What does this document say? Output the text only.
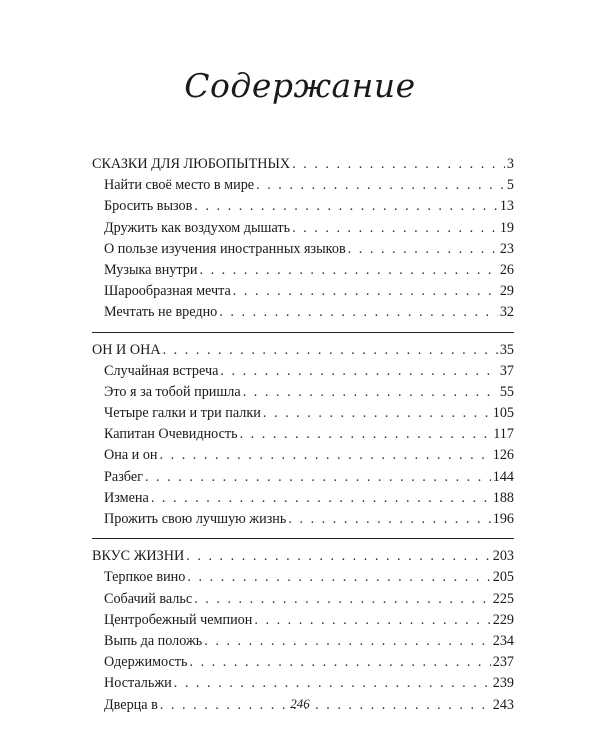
Содержание
СКАЗКИ ДЛЯ ЛЮБОПЫТНЫХ . . .	3
Найти своё место в мире . . .	5
Бросить вызов . . .	13
Дружить как воздухом дышать . . .	19
О пользе изучения иностранных языков . . .	23
Музыка внутри . . .	26
Шарообразная мечта . . .	29
Мечтать не вредно . . .	32
ОН И ОНА . . .	35
Случайная встреча . . .	37
Это я за тобой пришла . . .	55
Четыре галки и три палки . . .	105
Капитан Очевидность . . .	117
Она и он . . .	126
Разбег . . .	144
Измена . . .	188
Прожить свою лучшую жизнь . . .	196
ВКУС ЖИЗНИ . . .	203
Терпкое вино . . .	205
Собачий вальс . . .	225
Центробежный чемпион . . .	229
Выпь да положь . . .	234
Одержимость . . .	237
Ностальжи . . .	239
Дверца в . . .	243
246
